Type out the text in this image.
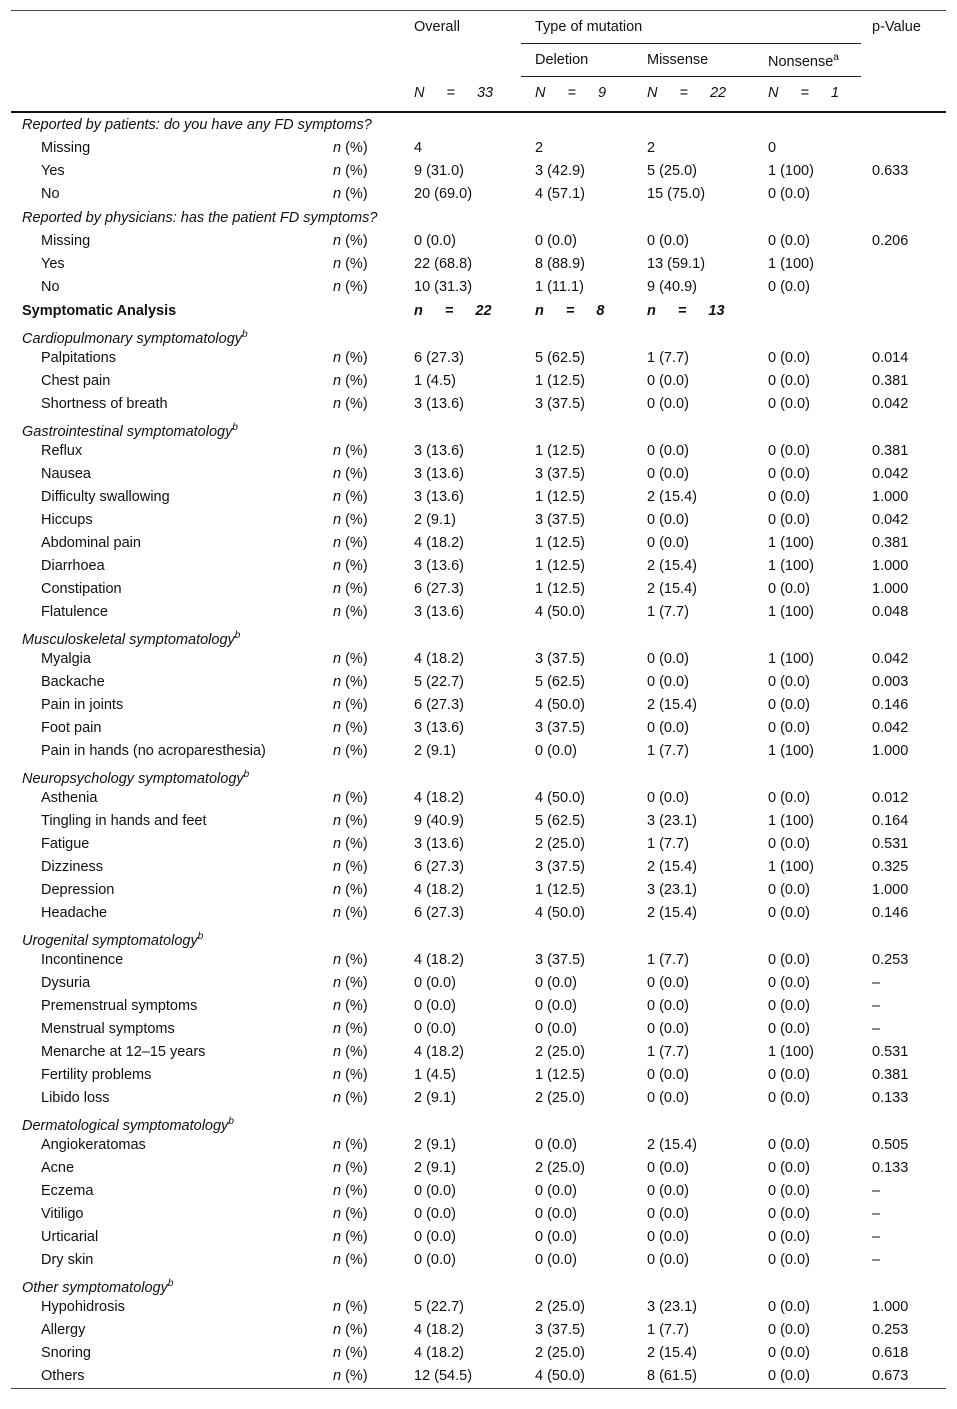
Overall	Type of mutation	p-Value
Deletion	Missense	Nonsense$^a$
N = 33	N = 9	N = 22	N = 1
Reported by patients: do you have any FD symptoms?
Missing	n (%)	4	2	2	0
Yes	n (%)	9 (31.0)	3 (42.9)	5 (25.0)	1 (100)	0.633
No	n (%)	20 (69.0)	4 (57.1)	15 (75.0)	0 (0.0)
Reported by physicians: has the patient FD symptoms?
Missing	n (%)	0 (0.0)	0 (0.0)	0 (0.0)	0 (0.0)	0.206
Yes	n (%)	22 (68.8)	8 (88.9)	13 (59.1)	1 (100)
No	n (%)	10 (31.3)	1 (11.1)	9 (40.9)	0 (0.0)
Symptomatic Analysis	n = 22	n = 8	n = 13
Cardiopulmonary symptomatology$^b$
Palpitations	n (%)	6 (27.3)	5 (62.5)	1 (7.7)	0 (0.0)	0.014
Chest pain	n (%)	1 (4.5)	1 (12.5)	0 (0.0)	0 (0.0)	0.381
Shortness of breath	n (%)	3 (13.6)	3 (37.5)	0 (0.0)	0 (0.0)	0.042
Gastrointestinal symptomatology$^b$
Reflux	n (%)	3 (13.6)	1 (12.5)	0 (0.0)	0 (0.0)	0.381
Nausea	n (%)	3 (13.6)	3 (37.5)	0 (0.0)	0 (0.0)	0.042
Difficulty swallowing	n (%)	3 (13.6)	1 (12.5)	2 (15.4)	0 (0.0)	1.000
Hiccups	n (%)	2 (9.1)	3 (37.5)	0 (0.0)	0 (0.0)	0.042
Abdominal pain	n (%)	4 (18.2)	1 (12.5)	0 (0.0)	1 (100)	0.381
Diarrhoea	n (%)	3 (13.6)	1 (12.5)	2 (15.4)	1 (100)	1.000
Constipation	n (%)	6 (27.3)	1 (12.5)	2 (15.4)	0 (0.0)	1.000
Flatulence	n (%)	3 (13.6)	4 (50.0)	1 (7.7)	1 (100)	0.048
Musculoskeletal symptomatology$^b$
Myalgia	n (%)	4 (18.2)	3 (37.5)	0 (0.0)	1 (100)	0.042
Backache	n (%)	5 (22.7)	5 (62.5)	0 (0.0)	0 (0.0)	0.003
Pain in joints	n (%)	6 (27.3)	4 (50.0)	2 (15.4)	0 (0.0)	0.146
Foot pain	n (%)	3 (13.6)	3 (37.5)	0 (0.0)	0 (0.0)	0.042
Pain in hands (no acroparesthesia)	n (%)	2 (9.1)	0 (0.0)	1 (7.7)	1 (100)	1.000
Neuropsychology symptomatology$^b$
Asthenia	n (%)	4 (18.2)	4 (50.0)	0 (0.0)	0 (0.0)	0.012
Tingling in hands and feet	n (%)	9 (40.9)	5 (62.5)	3 (23.1)	1 (100)	0.164
Fatigue	n (%)	3 (13.6)	2 (25.0)	1 (7.7)	0 (0.0)	0.531
Dizziness	n (%)	6 (27.3)	3 (37.5)	2 (15.4)	1 (100)	0.325
Depression	n (%)	4 (18.2)	1 (12.5)	3 (23.1)	0 (0.0)	1.000
Headache	n (%)	6 (27.3)	4 (50.0)	2 (15.4)	0 (0.0)	0.146
Urogenital symptomatology$^b$
Incontinence	n (%)	4 (18.2)	3 (37.5)	1 (7.7)	0 (0.0)	0.253
Dysuria	n (%)	0 (0.0)	0 (0.0)	0 (0.0)	0 (0.0)	–
Premenstrual symptoms	n (%)	0 (0.0)	0 (0.0)	0 (0.0)	0 (0.0)	–
Menstrual symptoms	n (%)	0 (0.0)	0 (0.0)	0 (0.0)	0 (0.0)	–
Menarche at 12–15 years	n (%)	4 (18.2)	2 (25.0)	1 (7.7)	1 (100)	0.531
Fertility problems	n (%)	1 (4.5)	1 (12.5)	0 (0.0)	0 (0.0)	0.381
Libido loss	n (%)	2 (9.1)	2 (25.0)	0 (0.0)	0 (0.0)	0.133
Dermatological symptomatology$^b$
Angiokeratomas	n (%)	2 (9.1)	0 (0.0)	2 (15.4)	0 (0.0)	0.505
Acne	n (%)	2 (9.1)	2 (25.0)	0 (0.0)	0 (0.0)	0.133
Eczema	n (%)	0 (0.0)	0 (0.0)	0 (0.0)	0 (0.0)	–
Vitiligo	n (%)	0 (0.0)	0 (0.0)	0 (0.0)	0 (0.0)	–
Urticarial	n (%)	0 (0.0)	0 (0.0)	0 (0.0)	0 (0.0)	–
Dry skin	n (%)	0 (0.0)	0 (0.0)	0 (0.0)	0 (0.0)	–
Other symptomatology$^b$
Hypohidrosis	n (%)	5 (22.7)	2 (25.0)	3 (23.1)	0 (0.0)	1.000
Allergy	n (%)	4 (18.2)	3 (37.5)	1 (7.7)	0 (0.0)	0.253
Snoring	n (%)	4 (18.2)	2 (25.0)	2 (15.4)	0 (0.0)	0.618
Others	n (%)	12 (54.5)	4 (50.0)	8 (61.5)	0 (0.0)	0.673
